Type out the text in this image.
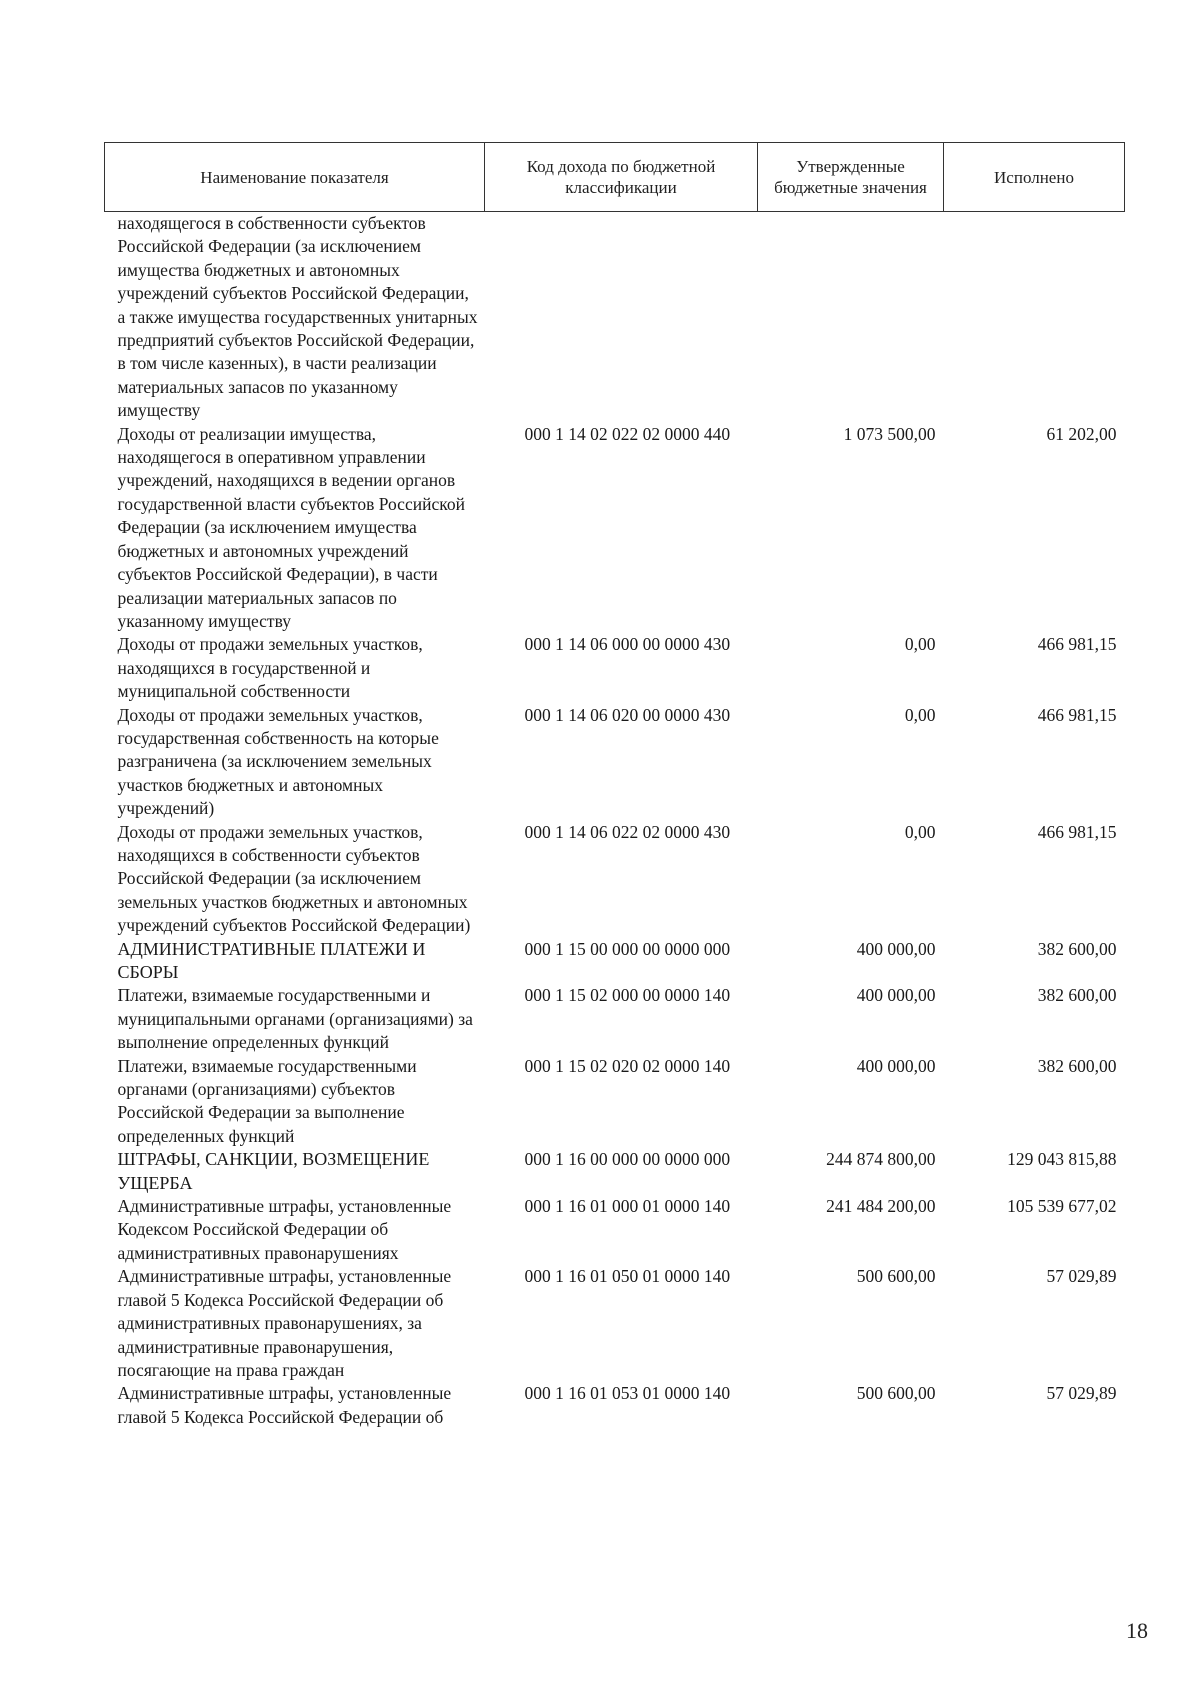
Наименование показателя	Код дохода по бюджетной классификации	Утвержденные бюджетные значения	Исполнено
находящегося в собственности субъектов Российской Федерации (за исключением имущества бюджетных и автономных учреждений субъектов Российской Федерации, а также имущества государственных унитарных предприятий субъектов Российской Федерации, в том числе казенных), в части реализации материальных запасов по указанному имуществу			
Доходы от реализации имущества, находящегося в оперативном управлении учреждений, находящихся в ведении органов государственной власти субъектов Российской Федерации (за исключением имущества бюджетных и автономных учреждений субъектов Российской Федерации), в части реализации материальных запасов по указанному имуществу	000 1 14 02 022 02 0000 440	1 073 500,00	61 202,00
Доходы от продажи земельных участков, находящихся в государственной и муниципальной собственности	000 1 14 06 000 00 0000 430	0,00	466 981,15
Доходы от продажи земельных участков, государственная собственность на которые разграничена (за исключением земельных участков бюджетных и автономных учреждений)	000 1 14 06 020 00 0000 430	0,00	466 981,15
Доходы от продажи земельных участков, находящихся в собственности субъектов Российской Федерации (за исключением земельных участков бюджетных и автономных учреждений субъектов Российской Федерации)	000 1 14 06 022 02 0000 430	0,00	466 981,15
АДМИНИСТРАТИВНЫЕ ПЛАТЕЖИ И СБОРЫ	000 1 15 00 000 00 0000 000	400 000,00	382 600,00
Платежи, взимаемые государственными и муниципальными органами (организациями) за выполнение определенных функций	000 1 15 02 000 00 0000 140	400 000,00	382 600,00
Платежи, взимаемые государственными органами (организациями) субъектов Российской Федерации за выполнение определенных функций	000 1 15 02 020 02 0000 140	400 000,00	382 600,00
ШТРАФЫ, САНКЦИИ, ВОЗМЕЩЕНИЕ УЩЕРБА	000 1 16 00 000 00 0000 000	244 874 800,00	129 043 815,88
Административные штрафы, установленные Кодексом Российской Федерации об административных правонарушениях	000 1 16 01 000 01 0000 140	241 484 200,00	105 539 677,02
Административные штрафы, установленные главой 5 Кодекса Российской Федерации об административных правонарушениях, за административные правонарушения, посягающие на права граждан	000 1 16 01 050 01 0000 140	500 600,00	57 029,89
Административные штрафы, установленные главой 5 Кодекса Российской Федерации об	000 1 16 01 053 01 0000 140	500 600,00	57 029,89
18
